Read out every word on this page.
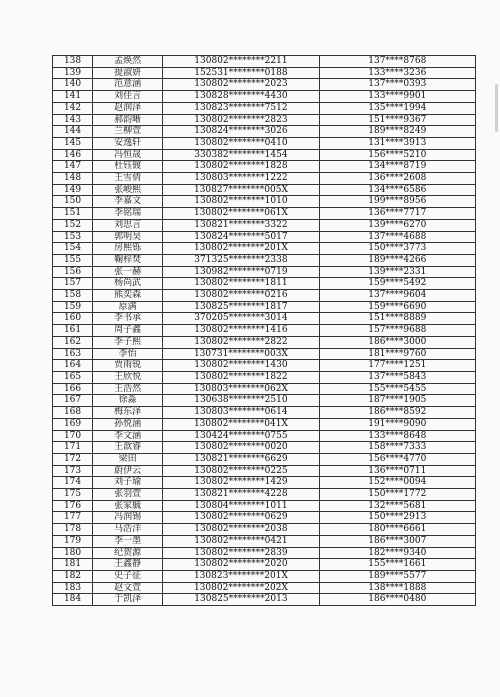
138	孟焕然	130802********2211	137****8768
139	提淑妍	152531********0188	133****3236
140	范意涵	130802********2023	137****0393
141	刘佳言	130828********4430	133****9901
142	赵润泽	130823********7512	135****1994
143	郝韵晰	130802********2823	151****9367
144	兰柳萱	130824********3026	189****8249
145	安逸轩	130802********0410	131****3913
146	冯恒晟	330382********1454	156****5210
147	杜钰镀	130802********1828	134****8719
148	王雪倩	130803********1222	136****2608
149	张峻熙	130827********005X	134****6586
150	李嘉文	130802********1010	199****8956
151	李铭瑞	130802********061X	136****7717
152	刘思言	130821********3322	139****6270
153	郭明昊	130824********5017	137****4688
154	房熙铄	130802********201X	150****3773
155	鞠梓焚	371325********2338	189****4266
156	张一赫	130982********0719	139****2331
157	杨尚武	130802********1811	159****5492
158	熊奕森	130802********0216	137****9604
159	原满	130825********1817	159****6690
160	李书承	370205********3014	151****8889
161	周子鑫	130802********1416	157****9688
162	李子熙	130802********2822	186****3000
163	李怡	130731********003X	181****9760
164	贾雨锐	130802********1430	177****1251
165	王欣悦	130802********1822	137****5843
166	王浩然	130803********062X	155****5455
167	徐淼	130638********2510	187****1905
168	梅东泽	130803********0614	186****8592
169	孙悦涵	130802********041X	191****9090
170	李文涵	130424********0755	133****8648
171	王歆睿	130802********0020	158****7333
172	梁田	130821********6629	156****4770
173	蔚伊云	130802********0225	136****0711
174	刘子瑜	130802********1429	152****0094
175	张羽萱	130821********4228	150****1772
176	张家毓	130804********1011	132****5681
177	冯润锡	130802********0629	150****2913
178	马浩洋	130802********2038	180****6661
179	李一墨	130802********0421	186****3007
180	纪贺源	130802********2839	182****9340
181	王鑫静	130802********2020	155****1661
182	史子征	130823********201X	189****5577
183	赵文萱	130802********202X	138****1888
184	于凯泽	130825********2013	186****0480
